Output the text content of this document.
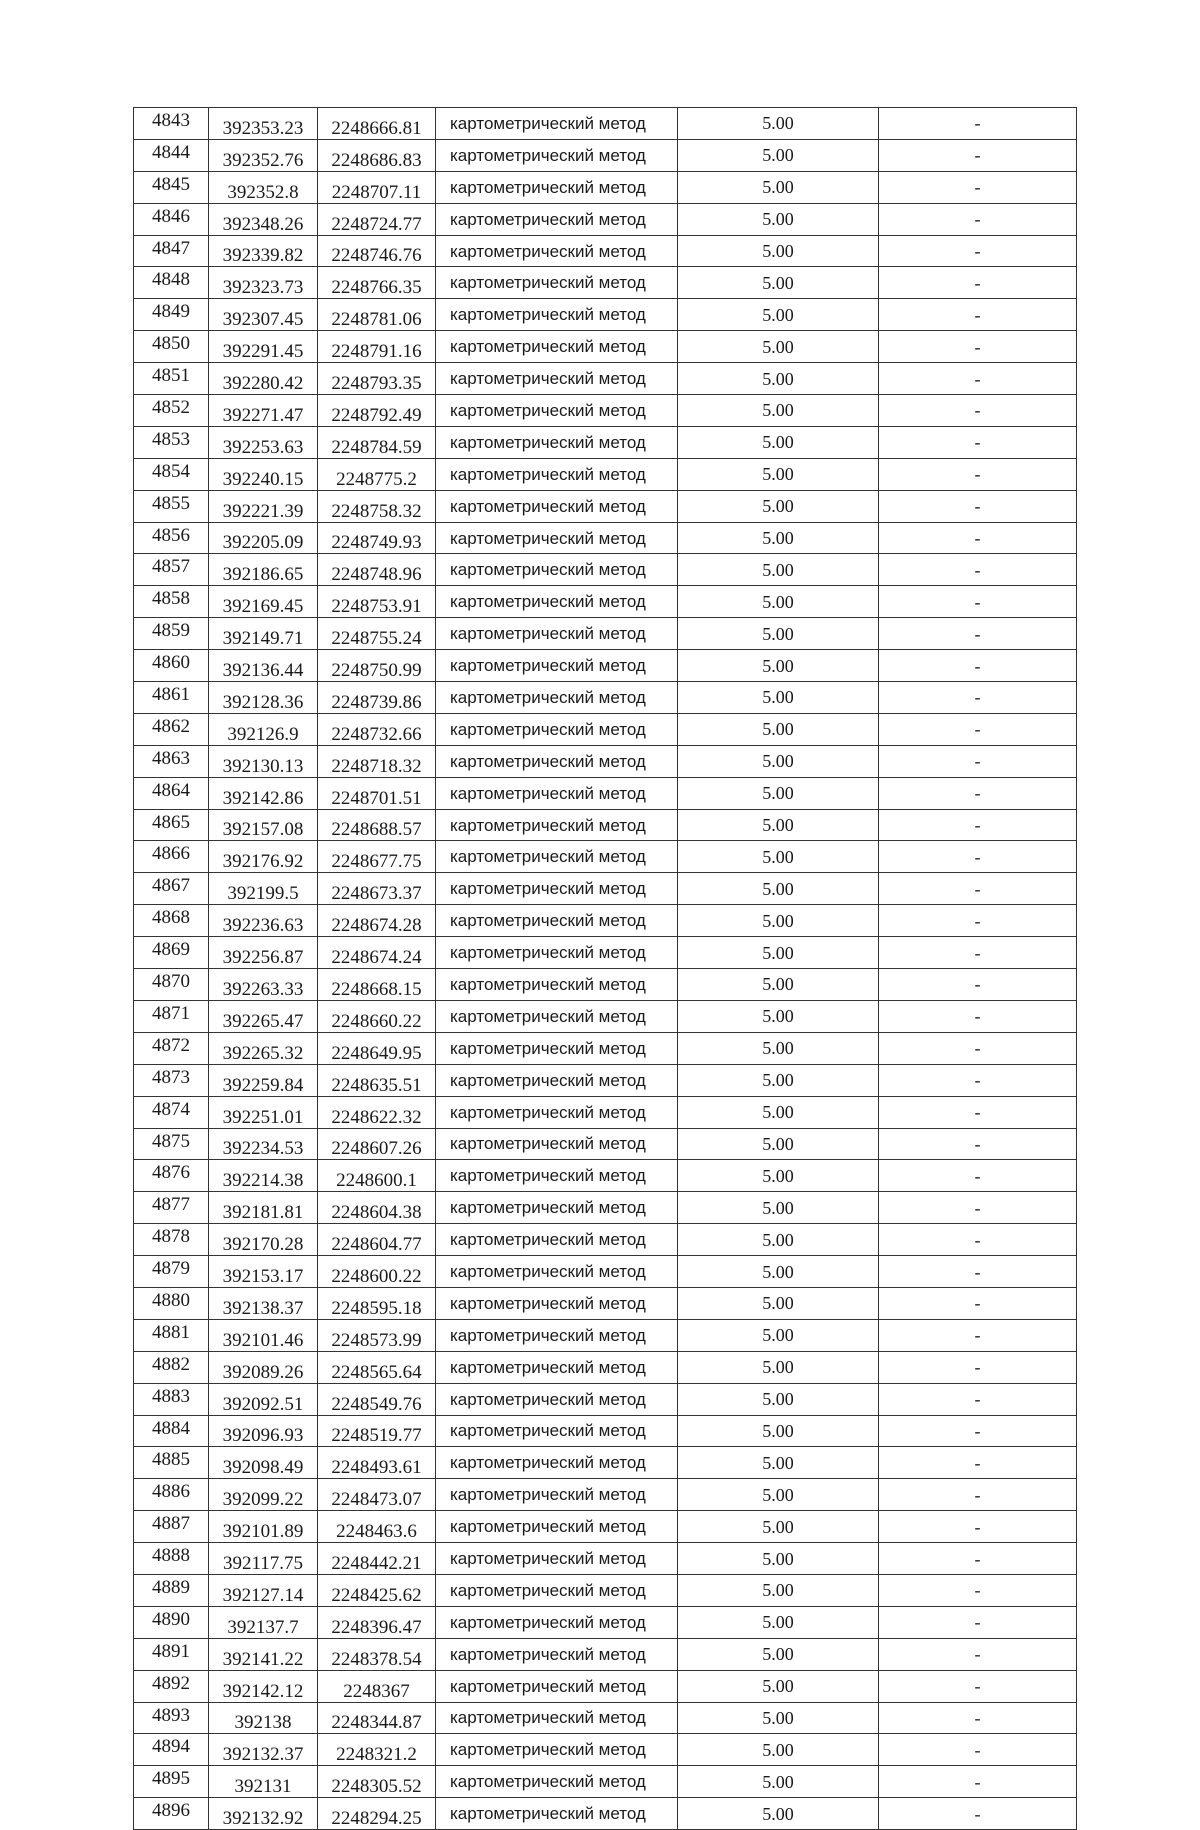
4843	392353.23	2248666.81	картометрический метод	5.00	-
4844	392352.76	2248686.83	картометрический метод	5.00	-
4845	392352.8	2248707.11	картометрический метод	5.00	-
4846	392348.26	2248724.77	картометрический метод	5.00	-
4847	392339.82	2248746.76	картометрический метод	5.00	-
4848	392323.73	2248766.35	картометрический метод	5.00	-
4849	392307.45	2248781.06	картометрический метод	5.00	-
4850	392291.45	2248791.16	картометрический метод	5.00	-
4851	392280.42	2248793.35	картометрический метод	5.00	-
4852	392271.47	2248792.49	картометрический метод	5.00	-
4853	392253.63	2248784.59	картометрический метод	5.00	-
4854	392240.15	2248775.2	картометрический метод	5.00	-
4855	392221.39	2248758.32	картометрический метод	5.00	-
4856	392205.09	2248749.93	картометрический метод	5.00	-
4857	392186.65	2248748.96	картометрический метод	5.00	-
4858	392169.45	2248753.91	картометрический метод	5.00	-
4859	392149.71	2248755.24	картометрический метод	5.00	-
4860	392136.44	2248750.99	картометрический метод	5.00	-
4861	392128.36	2248739.86	картометрический метод	5.00	-
4862	392126.9	2248732.66	картометрический метод	5.00	-
4863	392130.13	2248718.32	картометрический метод	5.00	-
4864	392142.86	2248701.51	картометрический метод	5.00	-
4865	392157.08	2248688.57	картометрический метод	5.00	-
4866	392176.92	2248677.75	картометрический метод	5.00	-
4867	392199.5	2248673.37	картометрический метод	5.00	-
4868	392236.63	2248674.28	картометрический метод	5.00	-
4869	392256.87	2248674.24	картометрический метод	5.00	-
4870	392263.33	2248668.15	картометрический метод	5.00	-
4871	392265.47	2248660.22	картометрический метод	5.00	-
4872	392265.32	2248649.95	картометрический метод	5.00	-
4873	392259.84	2248635.51	картометрический метод	5.00	-
4874	392251.01	2248622.32	картометрический метод	5.00	-
4875	392234.53	2248607.26	картометрический метод	5.00	-
4876	392214.38	2248600.1	картометрический метод	5.00	-
4877	392181.81	2248604.38	картометрический метод	5.00	-
4878	392170.28	2248604.77	картометрический метод	5.00	-
4879	392153.17	2248600.22	картометрический метод	5.00	-
4880	392138.37	2248595.18	картометрический метод	5.00	-
4881	392101.46	2248573.99	картометрический метод	5.00	-
4882	392089.26	2248565.64	картометрический метод	5.00	-
4883	392092.51	2248549.76	картометрический метод	5.00	-
4884	392096.93	2248519.77	картометрический метод	5.00	-
4885	392098.49	2248493.61	картометрический метод	5.00	-
4886	392099.22	2248473.07	картометрический метод	5.00	-
4887	392101.89	2248463.6	картометрический метод	5.00	-
4888	392117.75	2248442.21	картометрический метод	5.00	-
4889	392127.14	2248425.62	картометрический метод	5.00	-
4890	392137.7	2248396.47	картометрический метод	5.00	-
4891	392141.22	2248378.54	картометрический метод	5.00	-
4892	392142.12	2248367	картометрический метод	5.00	-
4893	392138	2248344.87	картометрический метод	5.00	-
4894	392132.37	2248321.2	картометрический метод	5.00	-
4895	392131	2248305.52	картометрический метод	5.00	-
4896	392132.92	2248294.25	картометрический метод	5.00	-
